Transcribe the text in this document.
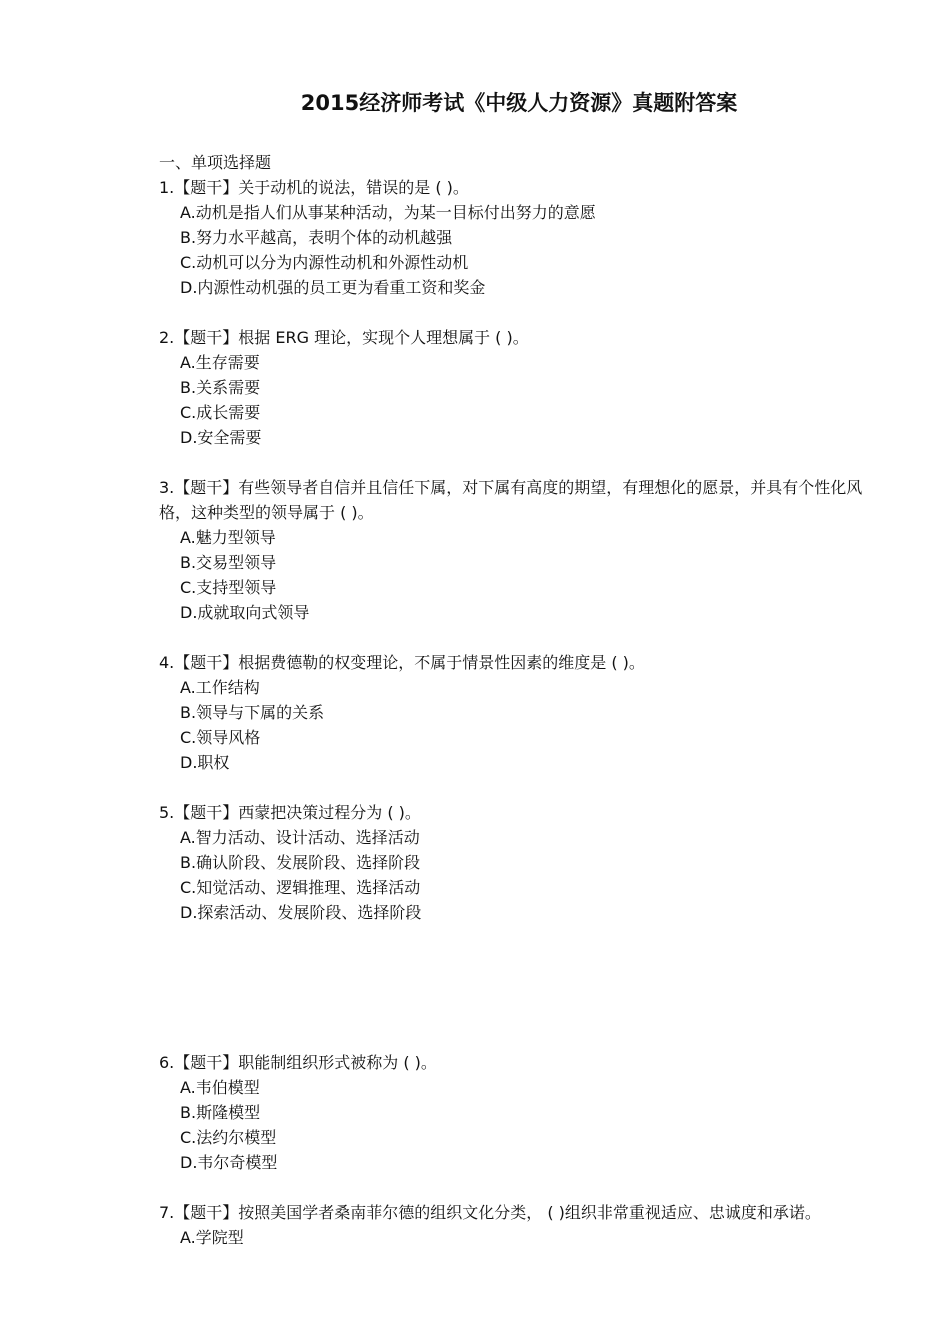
2015经济师考试《中级人力资源》真题附答案
一、单项选择题
1.【题干】关于动机的说法，错误的是 ( )。
A.动机是指人们从事某种活动，为某一目标付出努力的意愿
B.努力水平越高，表明个体的动机越强
C.动机可以分为内源性动机和外源性动机
D.内源性动机强的员工更为看重工资和奖金
2.【题干】根据 ERG 理论，实现个人理想属于 ( )。
A.生存需要
B.关系需要
C.成长需要
D.安全需要
3.【题干】有些领导者自信并且信任下属，对下属有高度的期望，有理想化的愿景，并具有个性化风格，这种类型的领导属于 ( )。
A.魅力型领导
B.交易型领导
C.支持型领导
D.成就取向式领导
4.【题干】根据费德勒的权变理论，不属于情景性因素的维度是 ( )。
A.工作结构
B.领导与下属的关系
C.领导风格
D.职权
5.【题干】西蒙把决策过程分为 ( )。
A.智力活动、设计活动、选择活动
B.确认阶段、发展阶段、选择阶段
C.知觉活动、逻辑推理、选择活动
D.探索活动、发展阶段、选择阶段
6.【题干】职能制组织形式被称为 ( )。
A.韦伯模型
B.斯隆模型
C.法约尔模型
D.韦尔奇模型
7.【题干】按照美国学者桑南菲尔德的组织文化分类， ( )组织非常重视适应、忠诚度和承诺。
A.学院型
